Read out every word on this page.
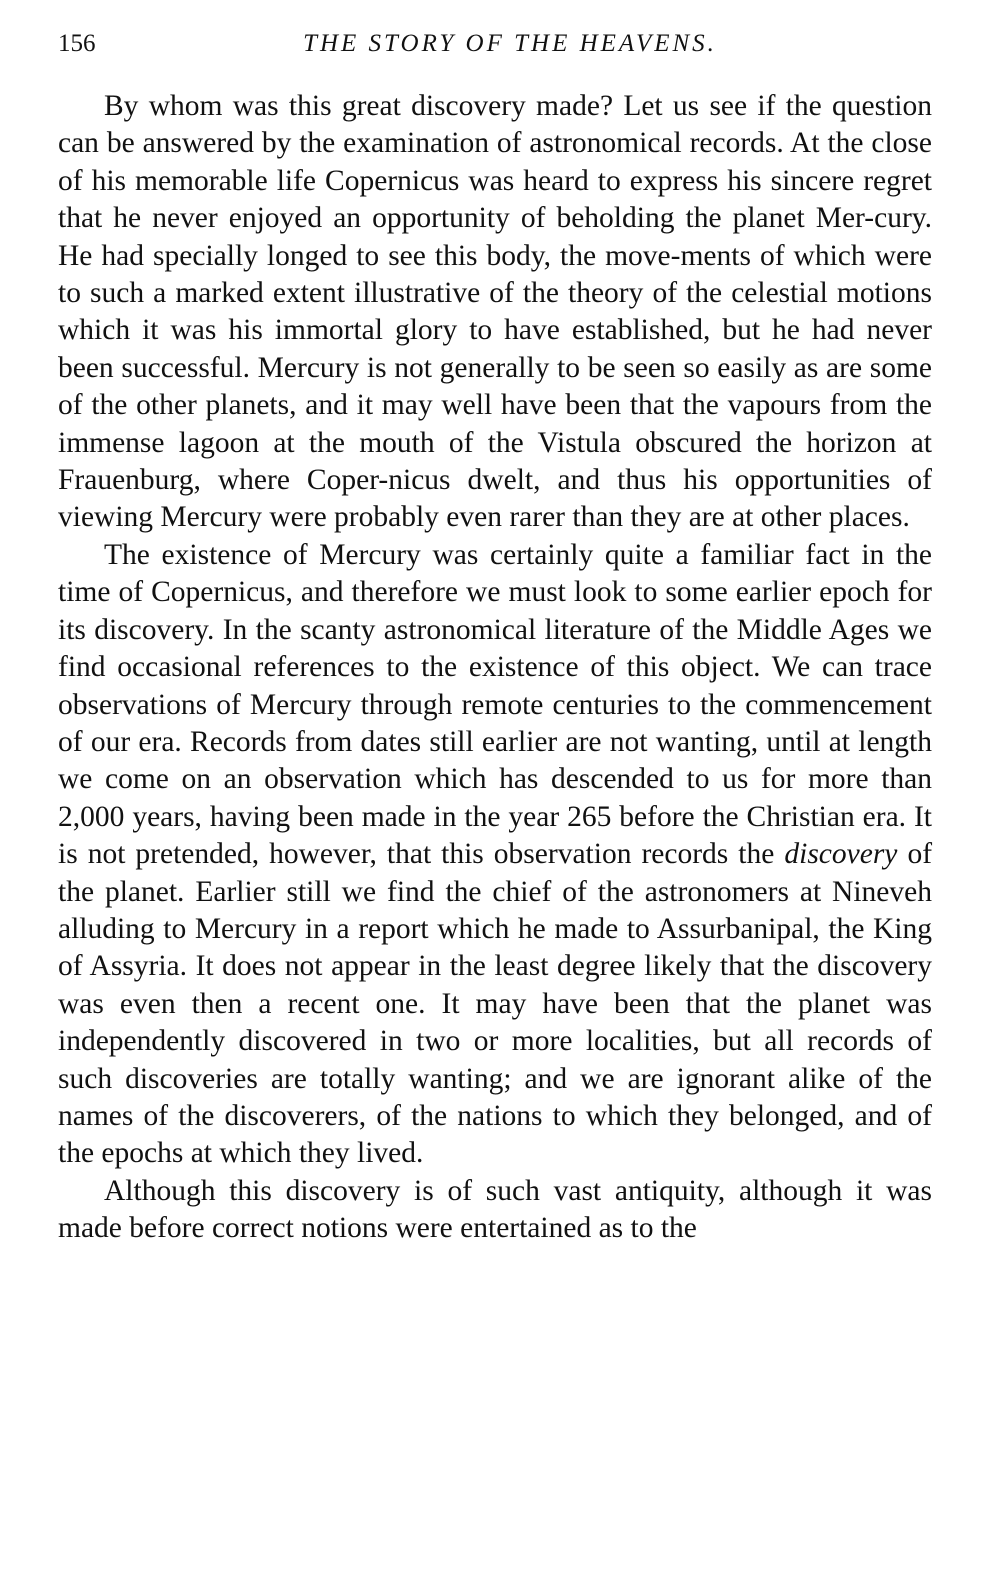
156	THE STORY OF THE HEAVENS.

By whom was this great discovery made? Let us see if the question can be answered by the examination of astronomical records. At the close of his memorable life Copernicus was heard to express his sincere regret that he never enjoyed an opportunity of beholding the planet Mer-cury. He had specially longed to see this body, the move-ments of which were to such a marked extent illustrative of the theory of the celestial motions which it was his immortal glory to have established, but he had never been successful. Mercury is not generally to be seen so easily as are some of the other planets, and it may well have been that the vapours from the immense lagoon at the mouth of the Vistula obscured the horizon at Frauenburg, where Coper-nicus dwelt, and thus his opportunities of viewing Mercury were probably even rarer than they are at other places.

The existence of Mercury was certainly quite a familiar fact in the time of Copernicus, and therefore we must look to some earlier epoch for its discovery. In the scanty astronomical literature of the Middle Ages we find occasional references to the existence of this object. We can trace observations of Mercury through remote centuries to the commencement of our era. Records from dates still earlier are not wanting, until at length we come on an observation which has descended to us for more than 2,000 years, having been made in the year 265 before the Christian era. It is not pretended, however, that this observation records the discovery of the planet. Earlier still we find the chief of the astronomers at Nineveh alluding to Mercury in a report which he made to Assurbanipal, the King of Assyria. It does not appear in the least degree likely that the discovery was even then a recent one. It may have been that the planet was independently discovered in two or more localities, but all records of such discoveries are totally wanting; and we are ignorant alike of the names of the discoverers, of the nations to which they belonged, and of the epochs at which they lived.

Although this discovery is of such vast antiquity, although it was made before correct notions were entertained as to the
